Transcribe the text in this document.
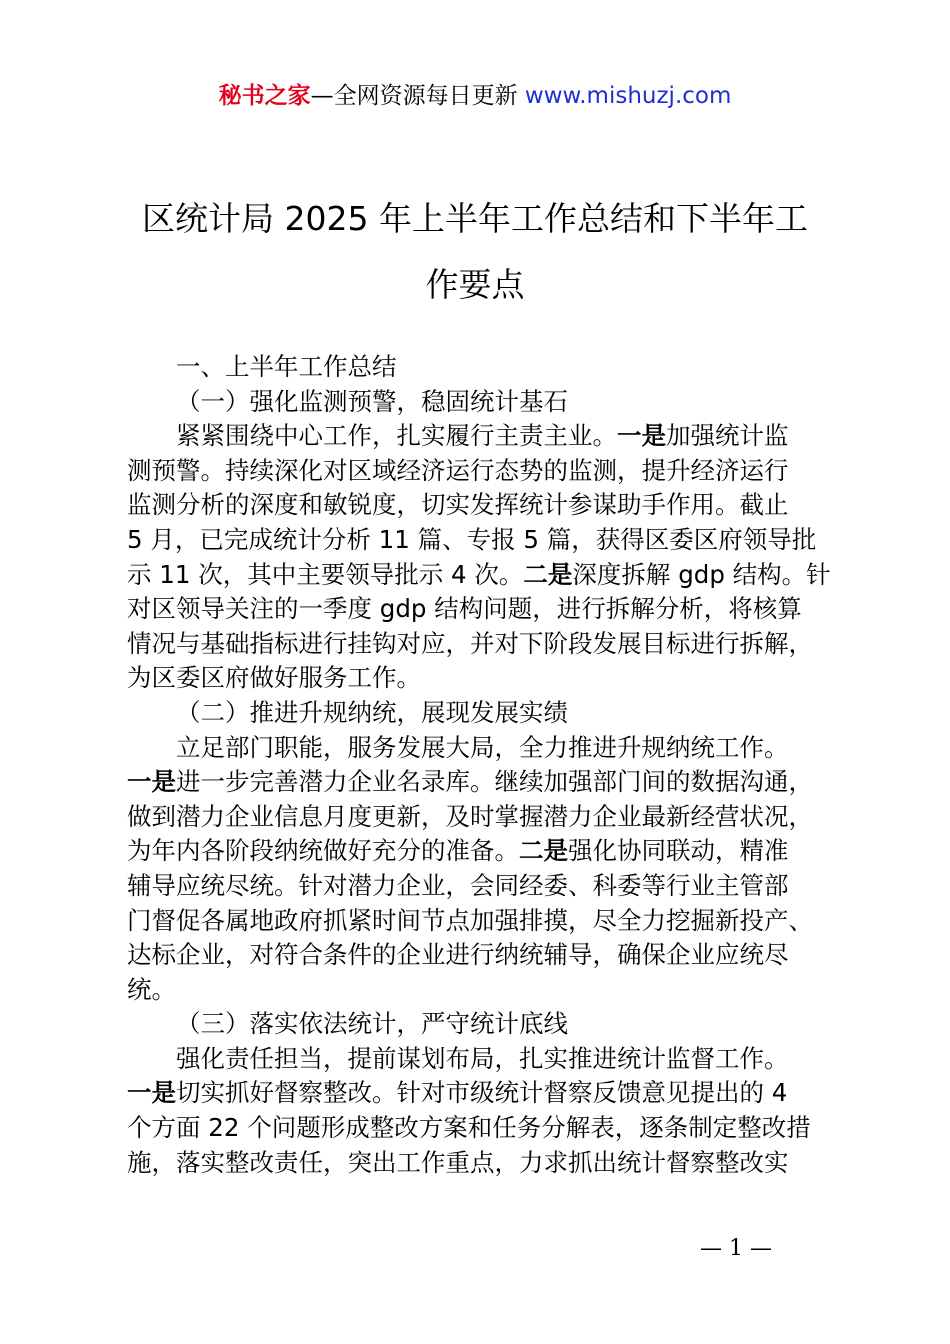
秘书之家—全网资源每日更新 www.mishuzj.com
区统计局 2025 年上半年工作总结和下半年工
作要点
一、上半年工作总结
（一）强化监测预警，稳固统计基石
紧紧围绕中心工作，扎实履行主责主业。一是加强统计监
测预警。持续深化对区域经济运行态势的监测，提升经济运行
监测分析的深度和敏锐度，切实发挥统计参谋助手作用。截止
5 月，已完成统计分析 11 篇、专报 5 篇，获得区委区府领导批
示 11 次，其中主要领导批示 4 次。二是深度拆解 gdp 结构。针
对区领导关注的一季度 gdp 结构问题，进行拆解分析，将核算
情况与基础指标进行挂钩对应，并对下阶段发展目标进行拆解，
为区委区府做好服务工作。
（二）推进升规纳统，展现发展实绩
立足部门职能，服务发展大局，全力推进升规纳统工作。
一是进一步完善潜力企业名录库。继续加强部门间的数据沟通，
做到潜力企业信息月度更新，及时掌握潜力企业最新经营状况，
为年内各阶段纳统做好充分的准备。二是强化协同联动，精准
辅导应统尽统。针对潜力企业，会同经委、科委等行业主管部
门督促各属地政府抓紧时间节点加强排摸，尽全力挖掘新投产、
达标企业，对符合条件的企业进行纳统辅导，确保企业应统尽
统。
（三）落实依法统计，严守统计底线
强化责任担当，提前谋划布局，扎实推进统计监督工作。
一是切实抓好督察整改。针对市级统计督察反馈意见提出的 4
个方面 22 个问题形成整改方案和任务分解表，逐条制定整改措
施，落实整改责任，突出工作重点，力求抓出统计督察整改实
— 1 —
